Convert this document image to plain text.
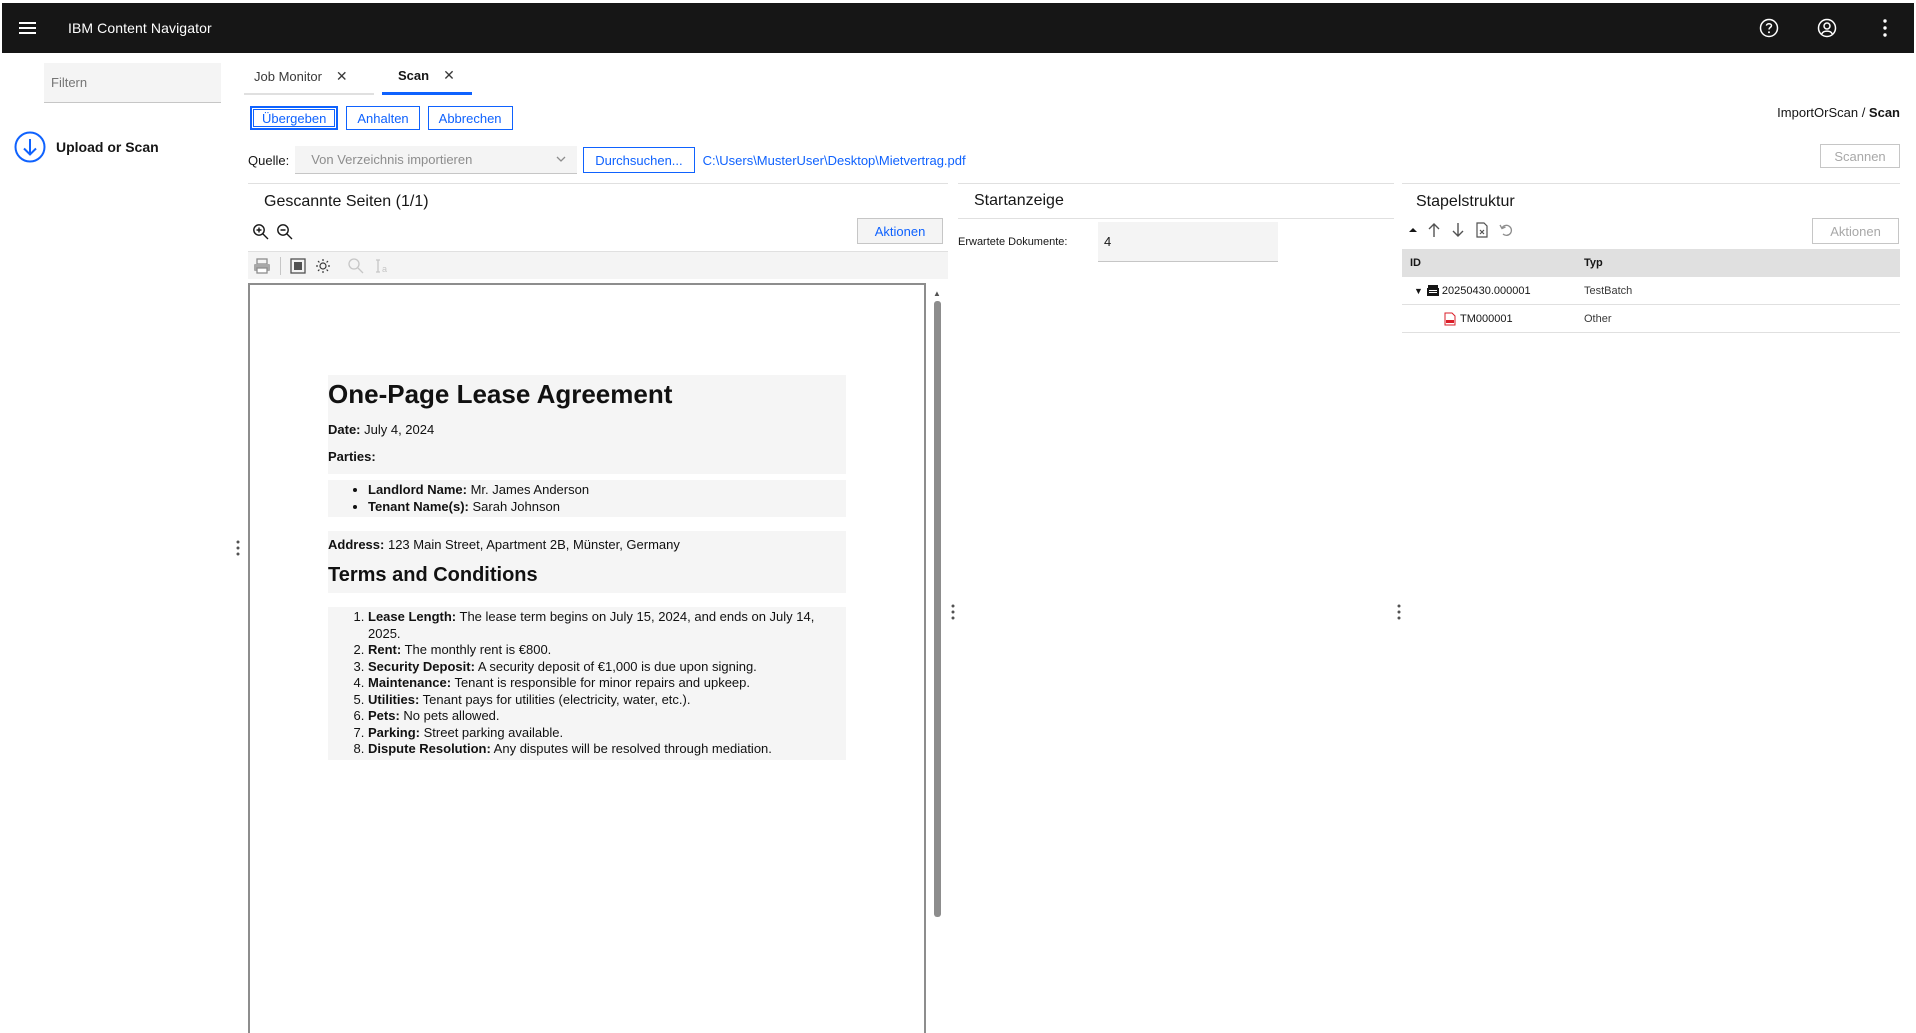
IBM Content Navigator
Filtern
Upload or Scan
Job Monitor ✕	Scan ✕
Übergeben	Anhalten	Abbrechen	ImportOrScan / Scan
Quelle: Von Verzeichnis importieren	Durchsuchen...	C:\Users\MusterUser\Desktop\Mietvertrag.pdf	Scannen
Gescannte Seiten (1/1)
Aktionen
a
One-Page Lease Agreement

Date: July 4, 2024

Parties:

• Landlord Name: Mr. James Anderson
• Tenant Name(s): Sarah Johnson

Address: 123 Main Street, Apartment 2B, Münster, Germany

Terms and Conditions
1. Lease Length: The lease term begins on July 15, 2024, and ends on July 14, 2025.
2. Rent: The monthly rent is €800.
3. Security Deposit: A security deposit of €1,000 is due upon signing.
4. Maintenance: Tenant is responsible for minor repairs and upkeep.
5. Utilities: Tenant pays for utilities (electricity, water, etc.).
6. Pets: No pets allowed.
7. Parking: Street parking available.
8. Dispute Resolution: Any disputes will be resolved through mediation.
▲
Startanzeige
Erwartete Dokumente:
4
Stapelstruktur
Aktionen
ID	Typ
▼ 20250430.000001	TestBatch
TM000001	Other
